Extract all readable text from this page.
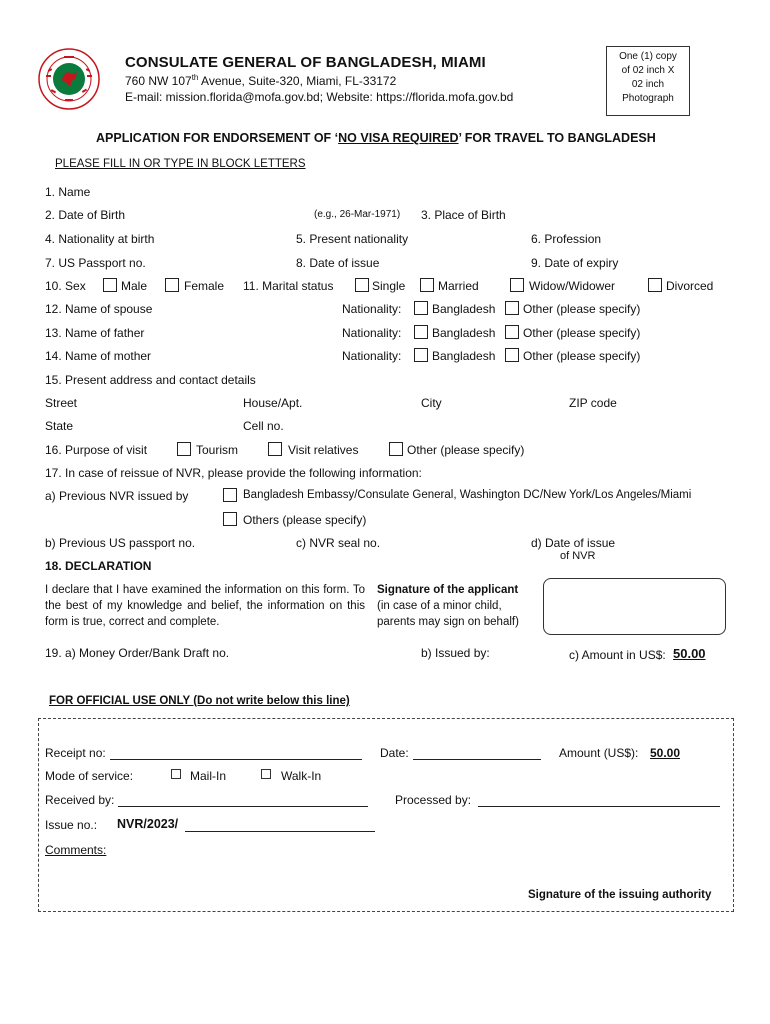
CONSULATE GENERAL OF BANGLADESH, MIAMI
760 NW 107th Avenue, Suite-320, Miami, FL-33172
E-mail: mission.florida@mofa.gov.bd; Website: https://florida.mofa.gov.bd
One (1) copy
of 02 inch X
02 inch
Photograph
APPLICATION FOR ENDORSEMENT OF ‘NO VISA REQUIRED’ FOR TRAVEL TO BANGLADESH
PLEASE FILL IN OR TYPE IN BLOCK LETTERS
1. Name
2. Date of Birth	(e.g., 26-Mar-1971) 3. Place of Birth
4. Nationality at birth	5. Present nationality	6. Profession
7. US Passport no.	8. Date of issue	9. Date of expiry
10. Sex	Male	Female 11. Marital status	Single	Married	Widow/Widower	Divorced
12. Name of spouse	Nationality:	Bangladesh Other (please specify)
13. Name of father	Nationality:	Bangladesh Other (please specify)
14. Name of mother	Nationality:	Bangladesh Other (please specify)
15. Present address and contact details
Street	House/Apt.	City	ZIP code
State	Cell no.
16. Purpose of visit	Tourism	Visit relatives	Other (please specify)
17. In case of reissue of NVR, please provide the following information:
a) Previous NVR issued by	Bangladesh Embassy/Consulate General, Washington DC/New York/Los Angeles/Miami
Others (please specify)
b) Previous US passport no.	c) NVR seal no.	d) Date of issue
of NVR
18. DECLARATION
I declare that I have examined the information on this form. To the best of my knowledge and belief, the information on this form is true, correct and complete.
Signature of the applicant
(in case of a minor child, parents may sign on behalf)
19. a) Money Order/Bank Draft no.	b) Issued by:	c) Amount in US$: 50.00
FOR OFFICIAL USE ONLY (Do not write below this line)
Receipt no:	Date:	Amount (US$): 50.00
Mode of service:	Mail-In	Walk-In
Received by:	Processed by:
Issue no.: NVR/2023/
Comments:
Signature of the issuing authority
